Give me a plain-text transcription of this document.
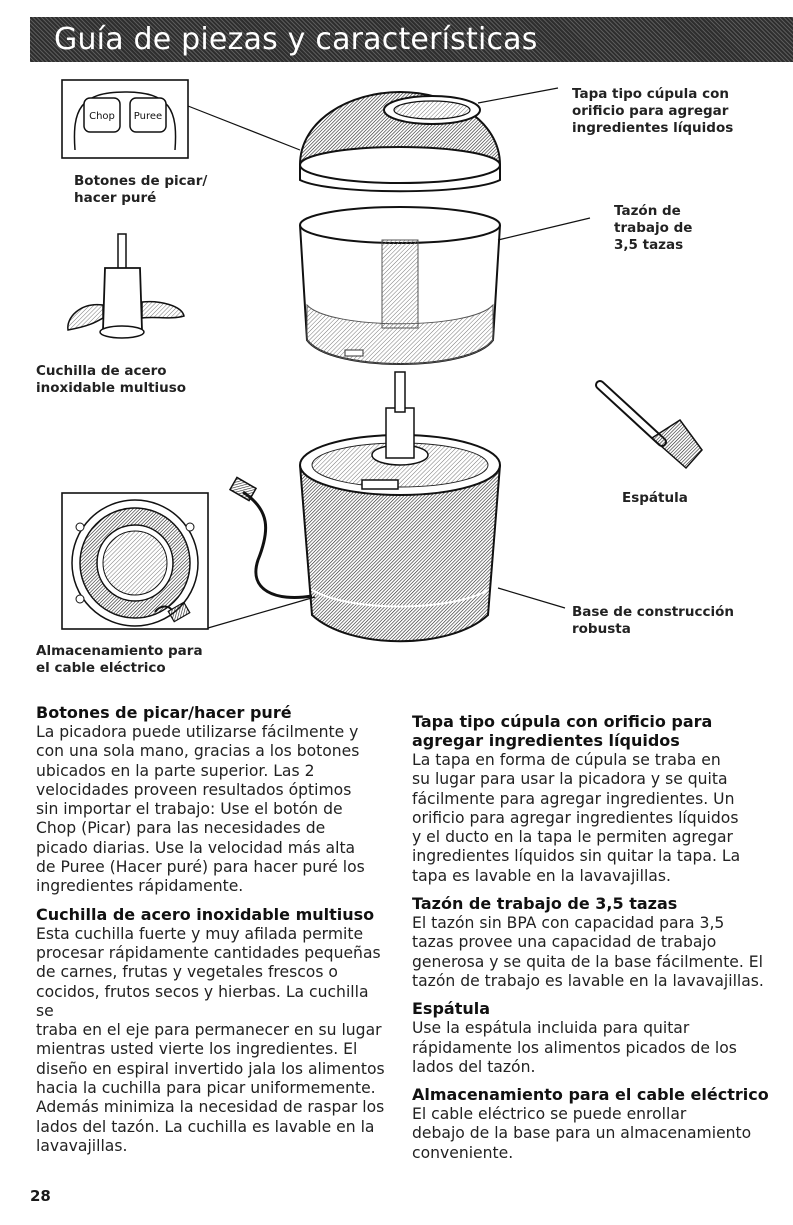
Guía de piezas y características
Chop Puree
Botones de picar/
hacer puré
Tapa tipo cúpula con
orificio para agregar
ingredientes líquidos
Tazón de
trabajo de
3,5 tazas
Cuchilla de acero
inoxidable multiuso
Espátula
Base de construcción
robusta
Almacenamiento para
el cable eléctrico

Botones de picar/hacer puré

La picadora puede utilizarse fácilmente y
con una sola mano, gracias a los botones
ubicados en la parte superior. Las 2
velocidades proveen resultados óptimos
sin importar el trabajo: Use el botón de
Chop (Picar) para las necesidades de
picado diarias. Use la velocidad más alta
de Puree (Hacer puré) para hacer puré los
ingredientes rápidamente.

Cuchilla de acero inoxidable multiuso

Esta cuchilla fuerte y muy afilada permite
procesar rápidamente cantidades pequeñas
de carnes, frutas y vegetales frescos o
cocidos, frutos secos y hierbas. La cuchilla se
traba en el eje para permanecer en su lugar
mientras usted vierte los ingredientes. El
diseño en espiral invertido jala los alimentos
hacia la cuchilla para picar uniformemente.
Además minimiza la necesidad de raspar los
lados del tazón. La cuchilla es lavable en la
lavavajillas.

Tapa tipo cúpula con orificio para
agregar ingredientes líquidos

La tapa en forma de cúpula se traba en
su lugar para usar la picadora y se quita
fácilmente para agregar ingredientes. Un
orificio para agregar ingredientes líquidos
y el ducto en la tapa le permiten agregar
ingredientes líquidos sin quitar la tapa. La
tapa es lavable en la lavavajillas.

Tazón de trabajo de 3,5 tazas

El tazón sin BPA con capacidad para 3,5
tazas provee una capacidad de trabajo
generosa y se quita de la base fácilmente. El
tazón de trabajo es lavable en la lavavajillas.

Espátula

Use la espátula incluida para quitar
rápidamente los alimentos picados de los
lados del tazón.

Almacenamiento para el cable eléctrico

El cable eléctrico se puede enrollar
debajo de la base para un almacenamiento
conveniente.

28
